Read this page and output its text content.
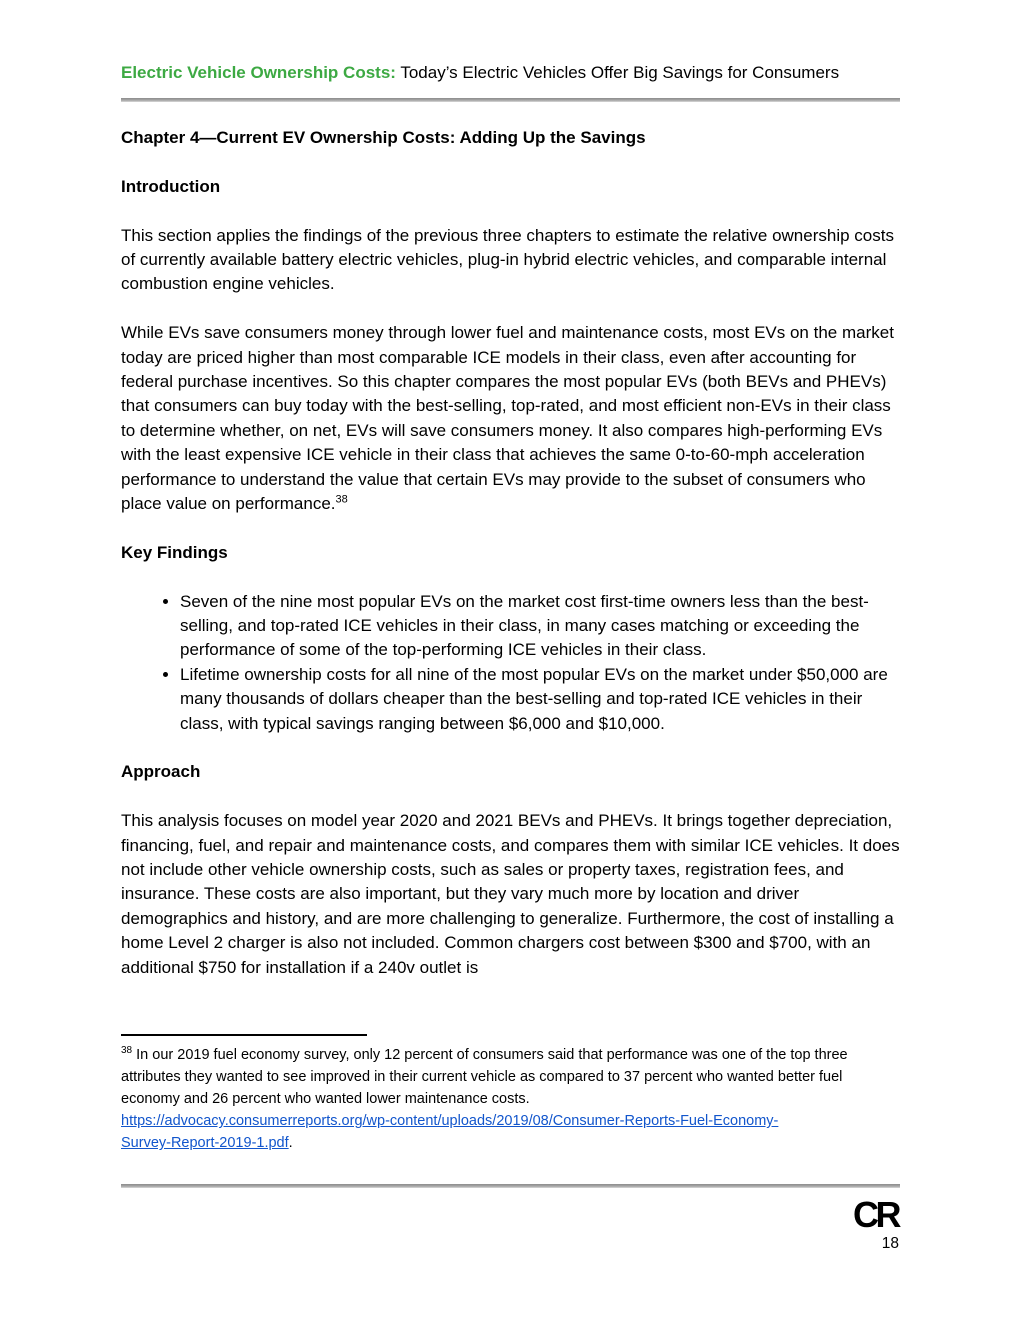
Electric Vehicle Ownership Costs: Today’s Electric Vehicles Offer Big Savings for Consumers
Chapter 4—Current EV Ownership Costs: Adding Up the Savings
Introduction

This section applies the findings of the previous three chapters to estimate the relative ownership costs of currently available battery electric vehicles, plug-in hybrid electric vehicles, and comparable internal combustion engine vehicles.

While EVs save consumers money through lower fuel and maintenance costs, most EVs on the market today are priced higher than most comparable ICE models in their class, even after accounting for federal purchase incentives. So this chapter compares the most popular EVs (both BEVs and PHEVs) that consumers can buy today with the best-selling, top-rated, and most efficient non-EVs in their class to determine whether, on net, EVs will save consumers money. It also compares high-performing EVs with the least expensive ICE vehicle in their class that achieves the same 0-to-60-mph acceleration performance to understand the value that certain EVs may provide to the subset of consumers who place value on performance.$^{38}$

Key Findings
• Seven of the nine most popular EVs on the market cost first-time owners less than the best-selling, and top-rated ICE vehicles in their class, in many cases matching or exceeding the performance of some of the top-performing ICE vehicles in their class.
• Lifetime ownership costs for all nine of the most popular EVs on the market under $50,000 are many thousands of dollars cheaper than the best-selling and top-rated ICE vehicles in their class, with typical savings ranging between $6,000 and $10,000.
Approach

This analysis focuses on model year 2020 and 2021 BEVs and PHEVs. It brings together depreciation, financing, fuel, and repair and maintenance costs, and compares them with similar ICE vehicles. It does not include other vehicle ownership costs, such as sales or property taxes, registration fees, and insurance. These costs are also important, but they vary much more by location and driver demographics and history, and are more challenging to generalize. Furthermore, the cost of installing a home Level 2 charger is also not included. Common chargers cost between $300 and $700, with an additional $750 for installation if a 240v outlet is

$^{38}$ In our 2019 fuel economy survey, only 12 percent of consumers said that performance was one of the top three attributes they wanted to see improved in their current vehicle as compared to 37 percent who wanted better fuel economy and 26 percent who wanted lower maintenance costs.
https://advocacy.consumerreports.org/wp-content/uploads/2019/08/Consumer-Reports-Fuel-Economy-
Survey-Report-2019-1.pdf.
CR
18
